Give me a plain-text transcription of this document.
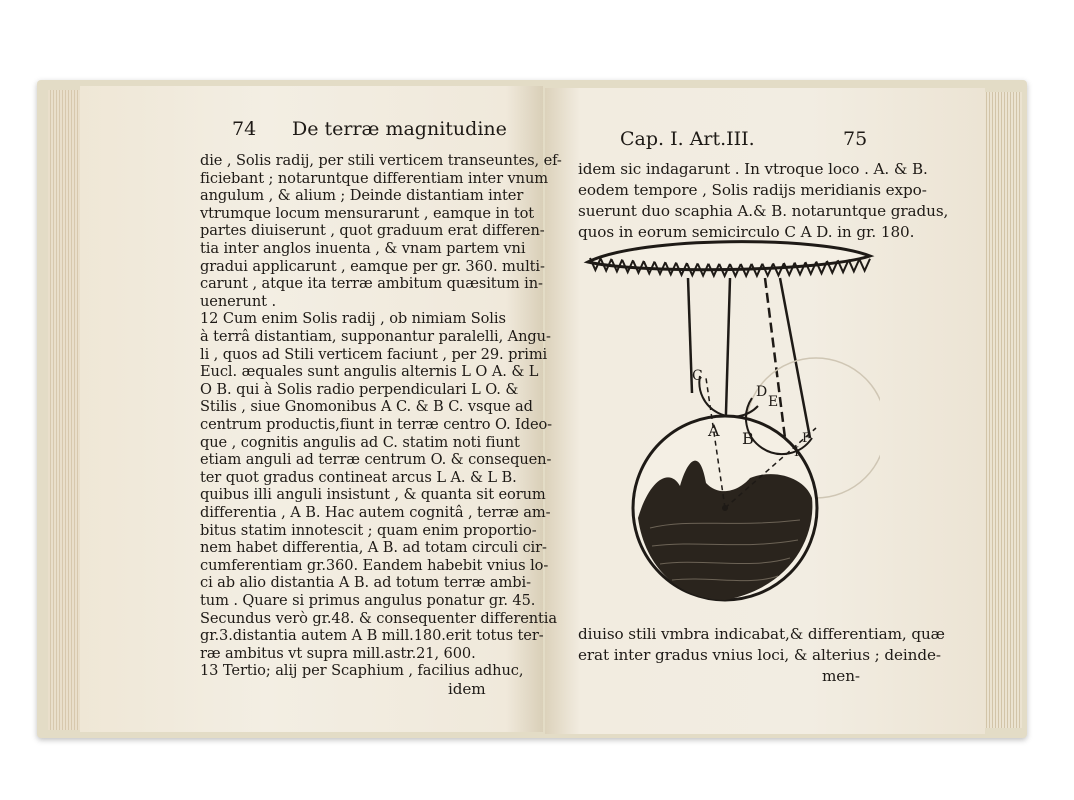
74 De terræ magnitudine
die , Solis radij, per stili verticem transeuntes, ef-
ficiebant ; notaruntque differentiam inter vnum
angulum , & alium ; Deinde distantiam inter
vtrumque locum mensurarunt , eamque in tot
partes diuiserunt , quot graduum erat differen-
tia inter anglos inuenta , & vnam partem vni
gradui applicarunt , eamque per gr. 360. multi-
carunt , atque ita terræ ambitum quæsitum in-
uenerunt .
12 Cum enim Solis radij , ob nimiam Solis
à terrâ distantiam, supponantur paralelli, Angu-
li , quos ad Stili verticem faciunt , per 29. primi
Eucl. æquales sunt angulis alternis L O A. & L
O B. qui à Solis radio perpendiculari L O. &
Stilis , siue Gnomonibus A C. & B C. vsque ad
centrum productis,fiunt in terræ centro O. Ideo-
que , cognitis angulis ad C. statim noti fiunt
etiam anguli ad terræ centrum O. & consequen-
ter quot gradus contineat arcus L A. & L B.
quibus illi anguli insistunt , & quanta sit eorum
differentia , A B. Hac autem cognitâ , terræ am-
bitus statim innotescit ; quam enim proportio-
nem habet differentia, A B. ad totam circuli cir-
cumferentiam gr.360. Eandem habebit vnius lo-
ci ab alio distantia A B. ad totum terræ ambi-
tum . Quare si primus angulus ponatur gr. 45.
Secundus verò gr.48. & consequenter differentia
gr.3.distantia autem A B mill.180.erit totus ter-
ræ ambitus vt supra mill.astr.21, 600.
13 Tertio; alij per Scaphium , facilius adhuc,
idem
Cap. I. Art.III.	75
idem sic indagarunt . In vtroque loco . A. & B.
eodem tempore , Solis radijs meridianis expo-
suerunt duo scaphia A.& B. notaruntque gradus,
quos in eorum semicirculo C A D. in gr. 180.
C
D
E
A B	F
I
diuiso stili vmbra indicabat,& differentiam, quæ
erat inter gradus vnius loci, & alterius ; deinde-
men-
